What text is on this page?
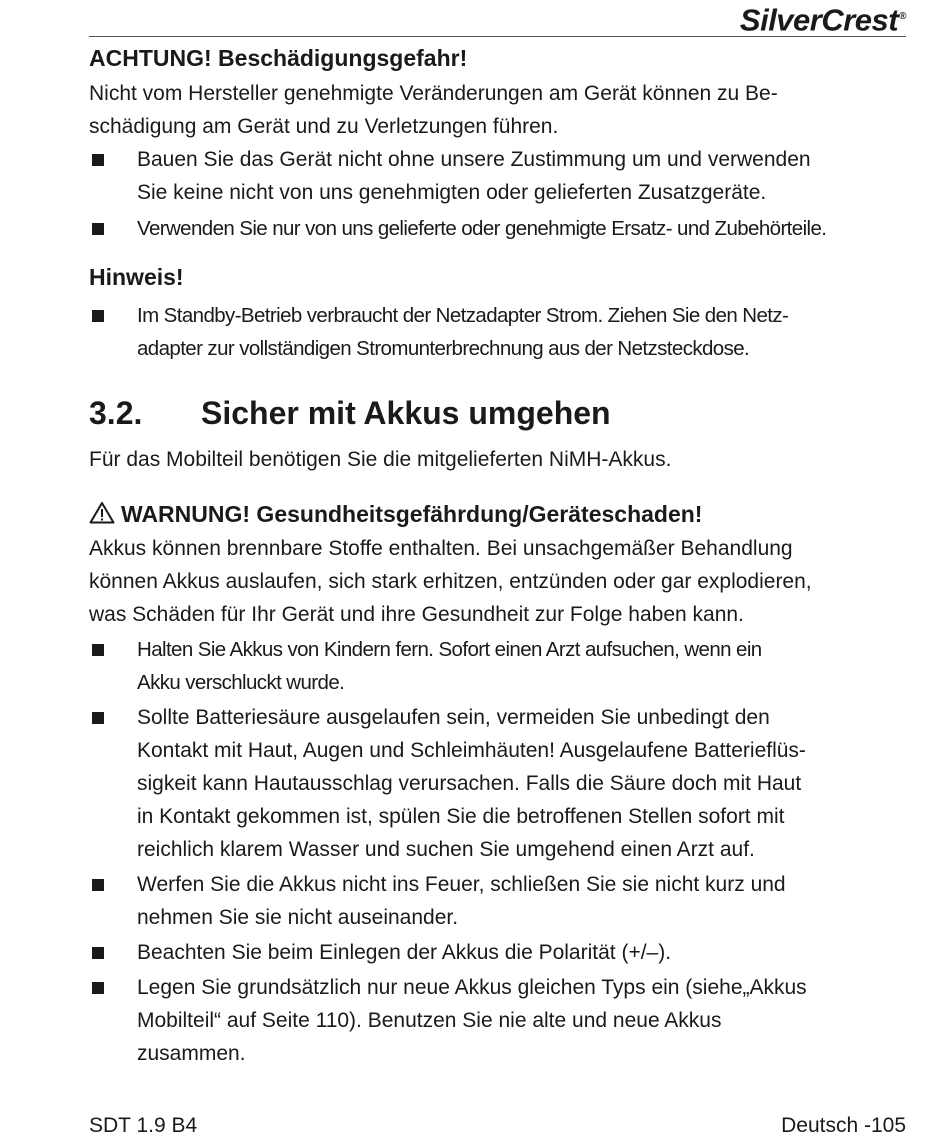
SilverCrest®
ACHTUNG! Beschädigungsgefahr!

Nicht vom Hersteller genehmigte Veränderungen am Gerät können zu Be-

schädigung am Gerät und zu Verletzungen führen.

Bauen Sie das Gerät nicht ohne unsere Zustimmung um und verwenden
Sie keine nicht von uns genehmigten oder gelieferten Zusatzgeräte.
Verwenden Sie nur von uns gelieferte oder genehmigte Ersatz- und Zubehörteile.
Hinweis!
Im Standby-Betrieb verbraucht der Netzadapter Strom. Ziehen Sie den Netz-
adapter zur vollständigen Stromunterbrechnung aus der Netzsteckdose.
3.2.	Sicher mit Akkus umgehen

Für das Mobilteil benötigen Sie die mitgelieferten NiMH-Akkus.

WARNUNG! Gesundheitsgefährdung/Geräteschaden!

Akkus können brennbare Stoffe enthalten. Bei unsachgemäßer Behandlung

können Akkus auslaufen, sich stark erhitzen, entzünden oder gar explodieren,

was Schäden für Ihr Gerät und ihre Gesundheit zur Folge haben kann.

Halten Sie Akkus von Kindern fern. Sofort einen Arzt aufsuchen, wenn ein
Akku verschluckt wurde.
Sollte Batteriesäure ausgelaufen sein, vermeiden Sie unbedingt den
Kontakt mit Haut, Augen und Schleimhäuten! Ausgelaufene Batterieflüs-
sigkeit kann Hautausschlag verursachen. Falls die Säure doch mit Haut
in Kontakt gekommen ist, spülen Sie die betroffenen Stellen sofort mit
reichlich klarem Wasser und suchen Sie umgehend einen Arzt auf.
Werfen Sie die Akkus nicht ins Feuer, schließen Sie sie nicht kurz und
nehmen Sie sie nicht auseinander.
Beachten Sie beim Einlegen der Akkus die Polarität (+/–).
Legen Sie grundsätzlich nur neue Akkus gleichen Typs ein (siehe„Akkus
Mobilteil“ auf Seite 110). Benutzen Sie nie alte und neue Akkus
zusammen.
SDT 1.9 B4	Deutsch -105
